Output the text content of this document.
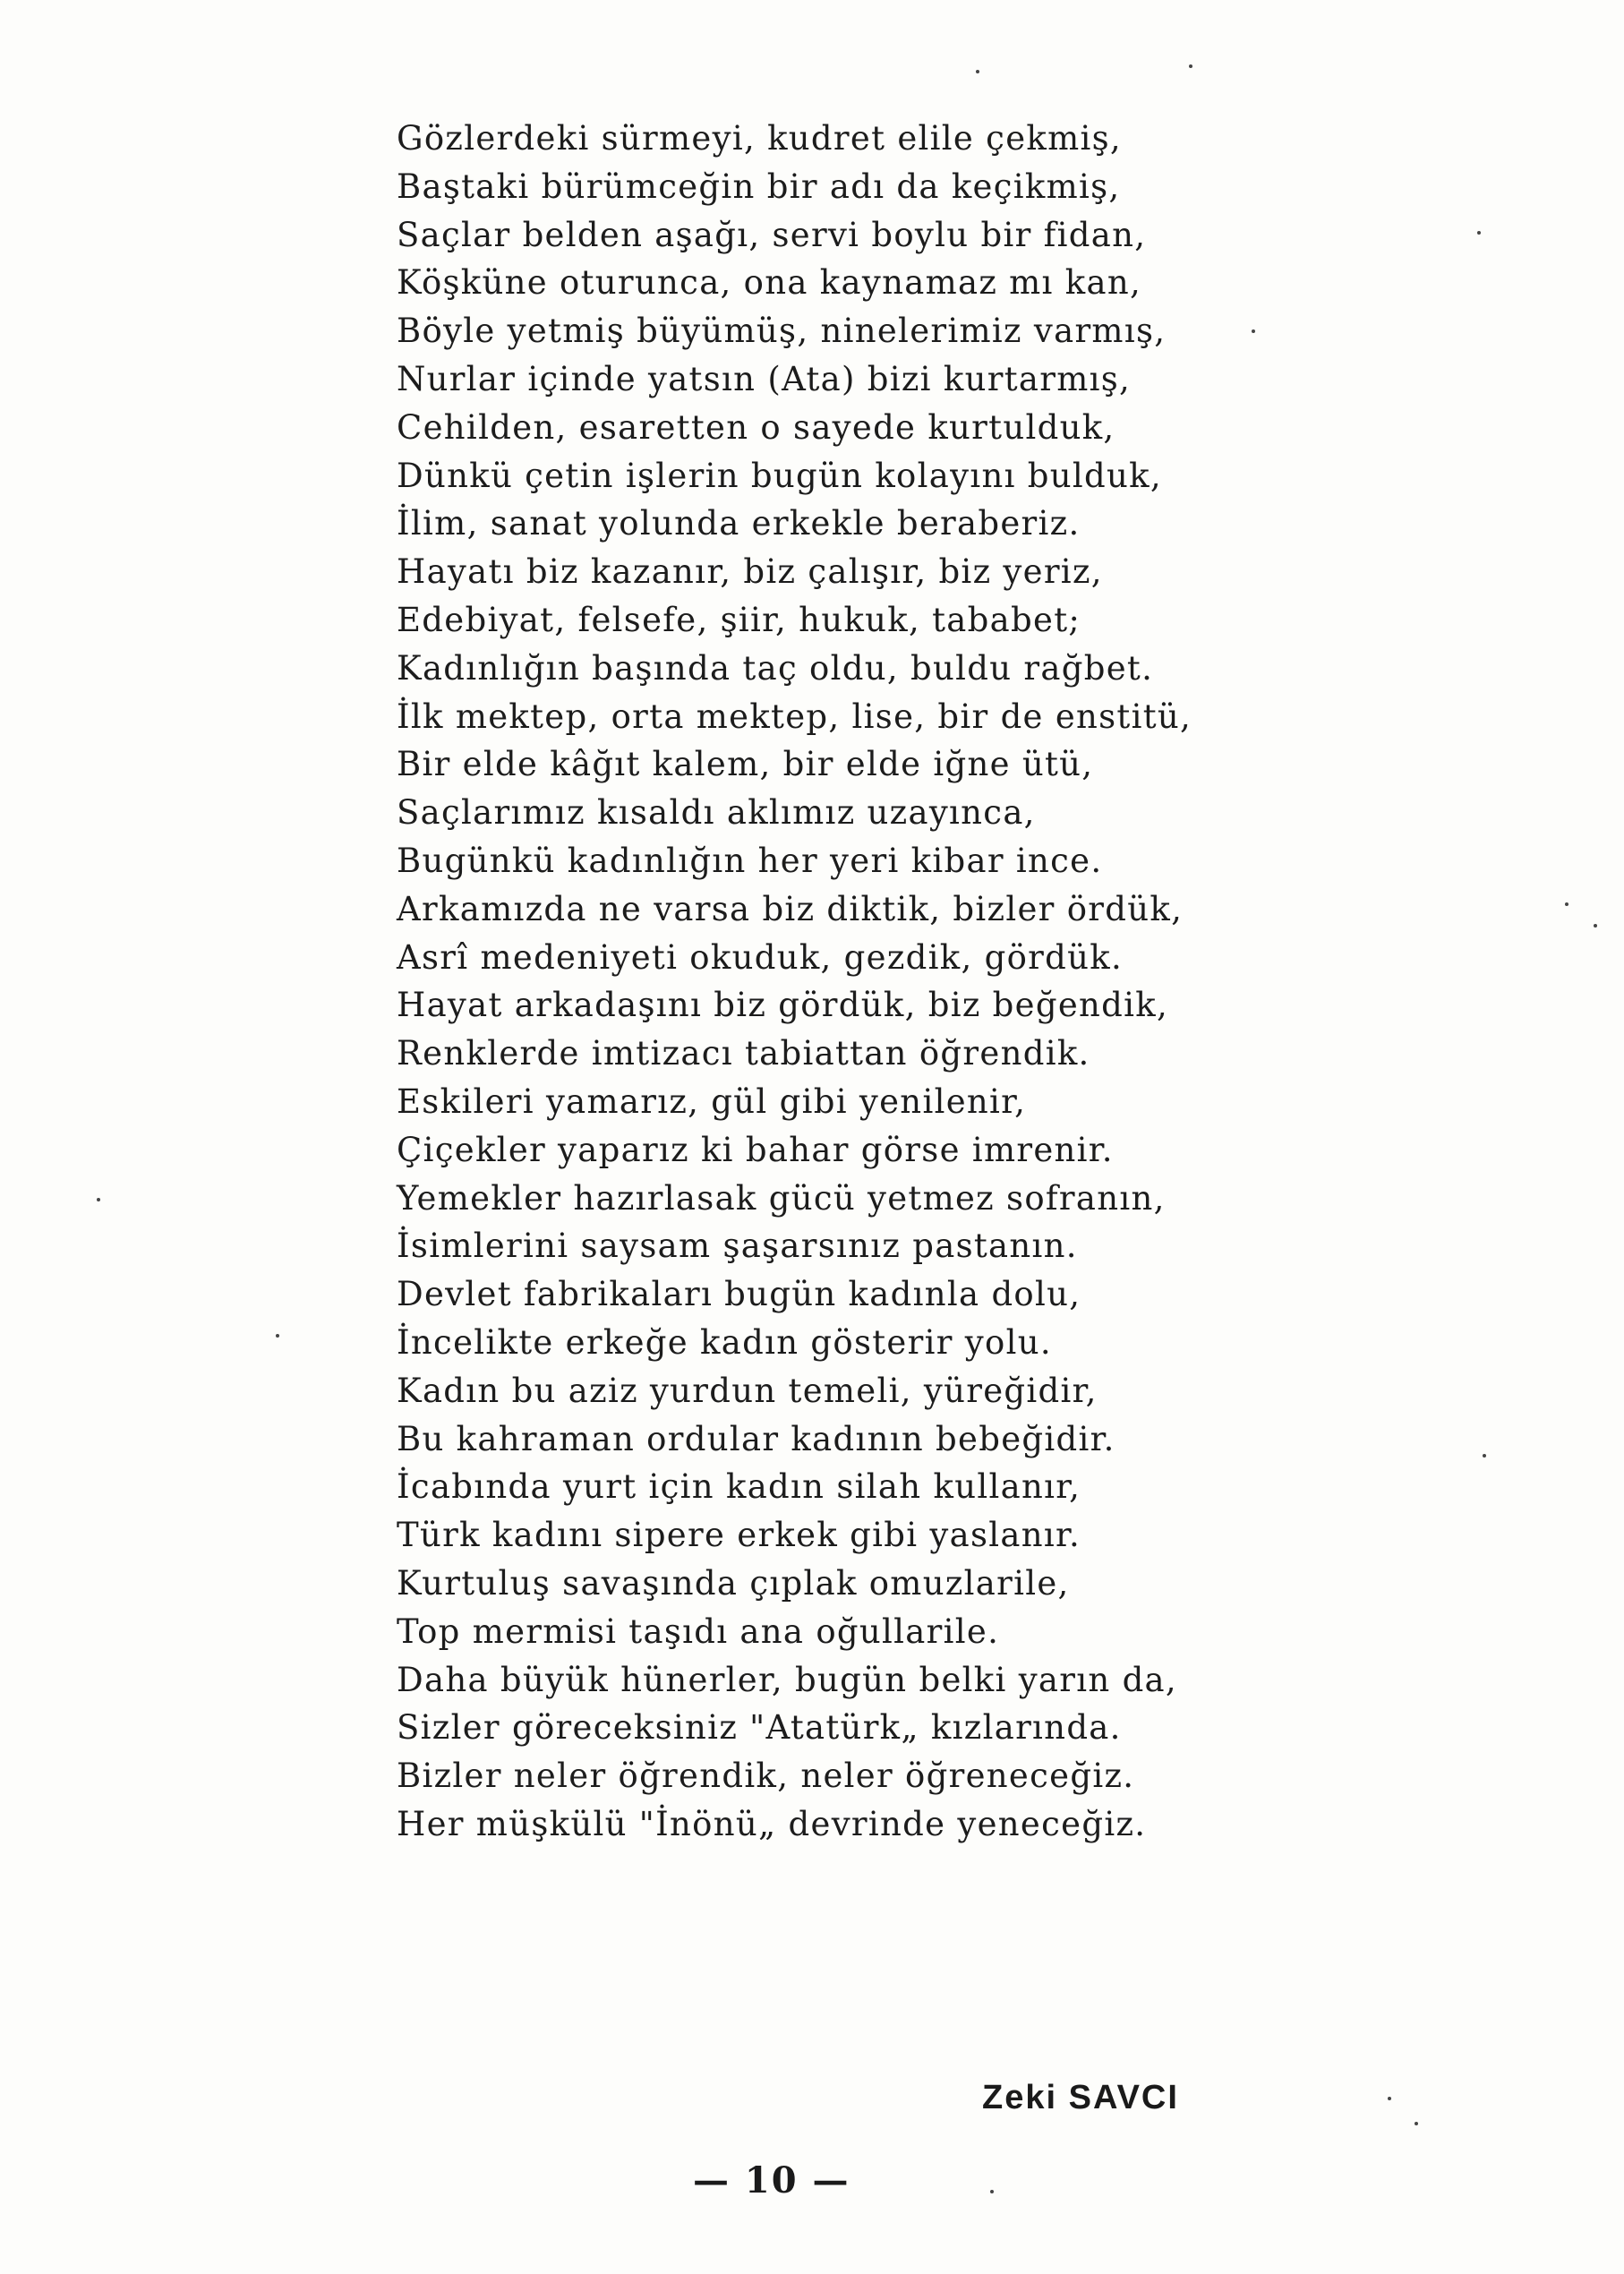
Gözlerdeki sürmeyi, kudret elile çekmiş,
Baştaki bürümceğin bir adı da keçikmiş,
Saçlar belden aşağı, servi boylu bir fidan,
Köşküne oturunca, ona kaynamaz mı kan,
Böyle yetmiş büyümüş, ninelerimiz varmış,
Nurlar içinde yatsın (Ata) bizi kurtarmış,
Cehilden, esaretten o sayede kurtulduk,
Dünkü çetin işlerin bugün kolayını bulduk,
İlim, sanat yolunda erkekle beraberiz.
Hayatı biz kazanır, biz çalışır, biz yeriz,
Edebiyat, felsefe, şiir, hukuk, tababet;
Kadınlığın başında taç oldu, buldu rağbet.
İlk mektep, orta mektep, lise, bir de enstitü,
Bir elde kâğıt kalem, bir elde iğne ütü,
Saçlarımız kısaldı aklımız uzayınca,
Bugünkü kadınlığın her yeri kibar ince.
Arkamızda ne varsa biz diktik, bizler ördük,
Asrî medeniyeti okuduk, gezdik, gördük.
Hayat arkadaşını biz gördük, biz beğendik,
Renklerde imtizacı tabiattan öğrendik.
Eskileri yamarız, gül gibi yenilenir,
Çiçekler yaparız ki bahar görse imrenir.
Yemekler hazırlasak gücü yetmez sofranın,
İsimlerini saysam şaşarsınız pastanın.
Devlet fabrikaları bugün kadınla dolu,
İncelikte erkeğe kadın gösterir yolu.
Kadın bu aziz yurdun temeli, yüreğidir,
Bu kahraman ordular kadının bebeğidir.
İcabında yurt için kadın silah kullanır,
Türk kadını sipere erkek gibi yaslanır.
Kurtuluş savaşında çıplak omuzlarile,
Top mermisi taşıdı ana oğullarile.
Daha büyük hünerler, bugün belki yarın da,
Sizler göreceksiniz "Atatürk„ kızlarında.
Bizler neler öğrendik, neler öğreneceğiz.
Her müşkülü "İnönü„ devrinde yeneceğiz.
Zeki SAVCI
— 10 —
